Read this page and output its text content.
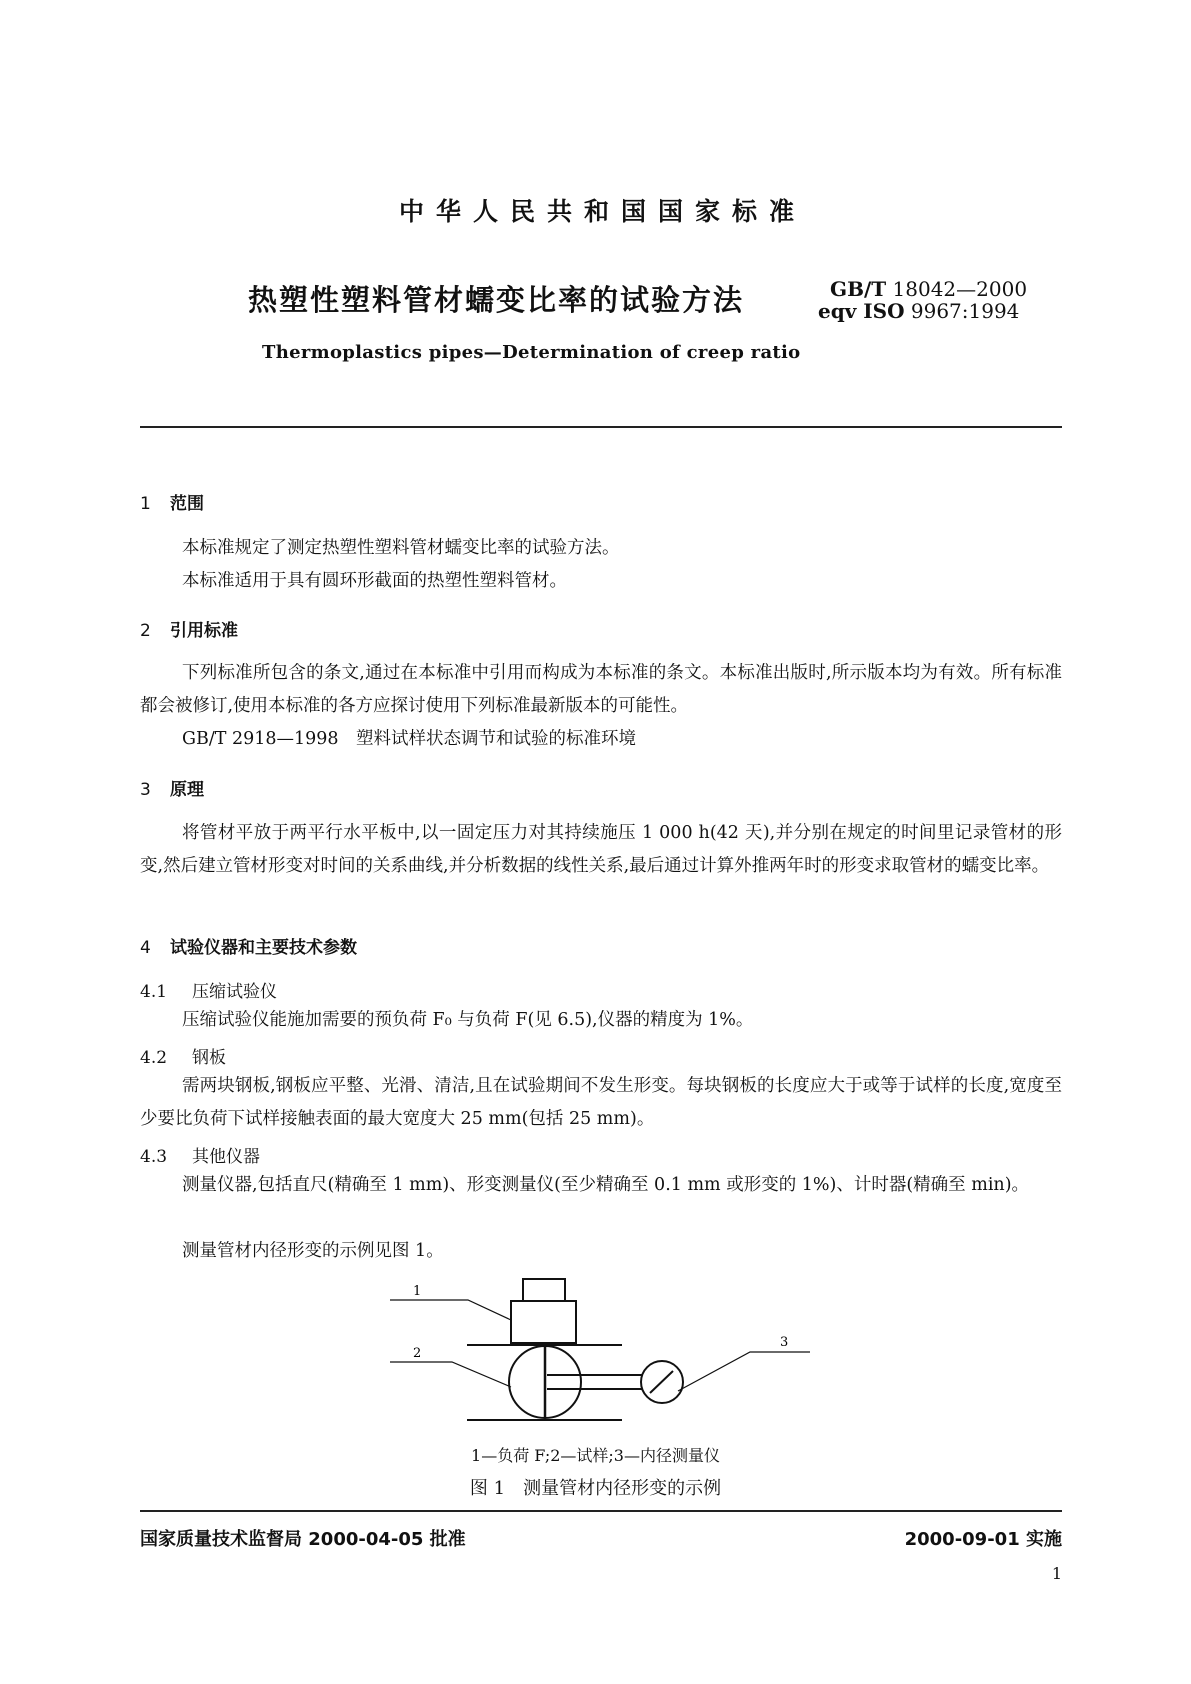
中华人民共和国国家标准
热塑性塑料管材蠕变比率的试验方法	GB/T 18042—2000
eqv ISO 9967:1994
Thermoplastics pipes—Determination of creep ratio
1 范围
本标准规定了测定热塑性塑料管材蠕变比率的试验方法。
本标准适用于具有圆环形截面的热塑性塑料管材。
2 引用标准
下列标准所包含的条文,通过在本标准中引用而构成为本标准的条文。本标准出版时,所示版本均为有效。所有标准都会被修订,使用本标准的各方应探讨使用下列标准最新版本的可能性。
GB/T 2918—1998　塑料试样状态调节和试验的标准环境
3 原理
将管材平放于两平行水平板中,以一固定压力对其持续施压 1 000 h(42 天),并分别在规定的时间里记录管材的形变,然后建立管材形变对时间的关系曲线,并分析数据的线性关系,最后通过计算外推两年时的形变求取管材的蠕变比率。
4 试验仪器和主要技术参数
4.1 压缩试验仪
压缩试验仪能施加需要的预负荷 F₀ 与负荷 F(见 6.5),仪器的精度为 1%。
4.2 钢板
需两块钢板,钢板应平整、光滑、清洁,且在试验期间不发生形变。每块钢板的长度应大于或等于试样的长度,宽度至少要比负荷下试样接触表面的最大宽度大 25 mm(包括 25 mm)。
4.3 其他仪器
测量仪器,包括直尺(精确至 1 mm)、形变测量仪(至少精确至 0.1 mm 或形变的 1%)、计时器(精确至 min)。
测量管材内径形变的示例见图 1。
1
2
3
1—负荷 F;2—试样;3—内径测量仪
图 1　测量管材内径形变的示例
国家质量技术监督局 2000-04-05 批准	2000-09-01 实施
1
